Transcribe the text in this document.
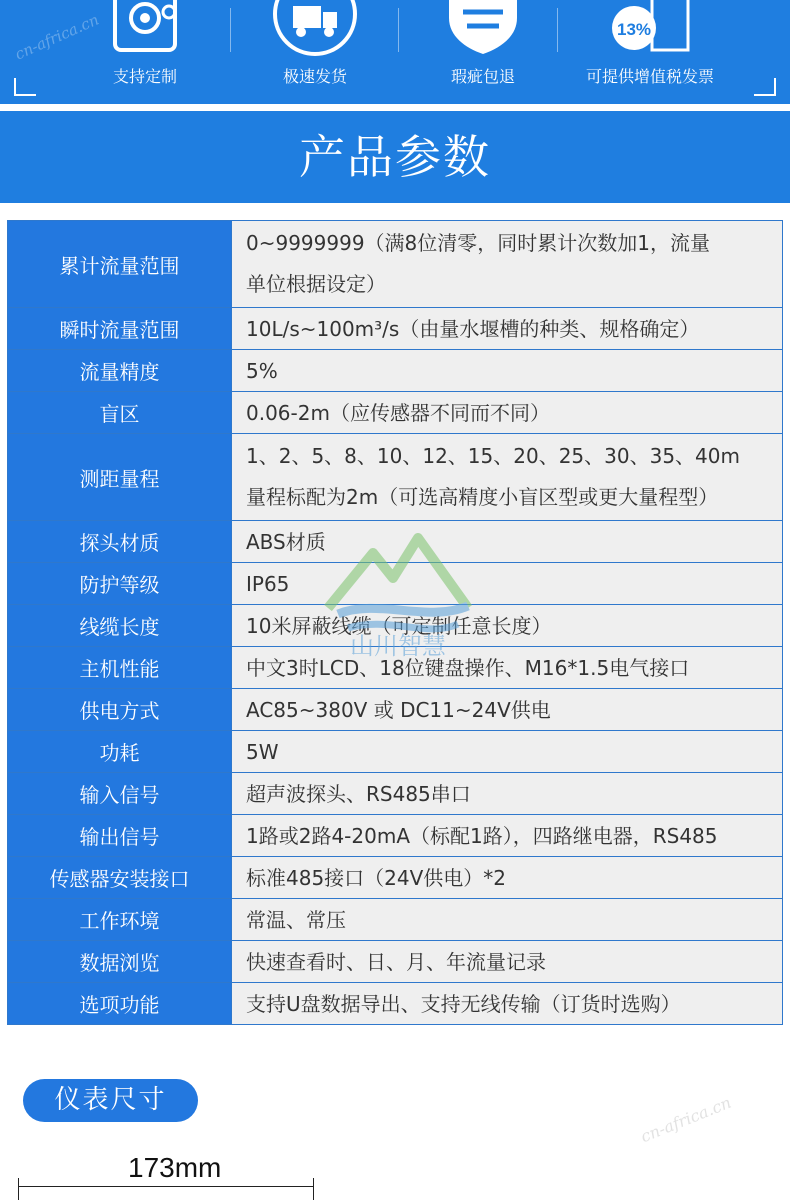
cn-africa.cn
支持定制	极速发货	瑕疵包退
13%
可提供增值税发票
产品参数
累计流量范围	0~9999999（满8位清零，同时累计次数加1，流量
单位根据设定）

瞬时流量范围	10L/s~100m³/s（由量水堰槽的种类、规格确定）

流量精度	5%

盲区	0.06-2m（应传感器不同而不同）

测距量程	1、2、5、8、10、12、15、20、25、30、35、40m
量程标配为2m（可选高精度小盲区型或更大量程型）

探头材质	ABS材质

防护等级	IP65

线缆长度	10米屏蔽线缆（可定制任意长度）

主机性能	中文3时LCD、18位键盘操作、M16*1.5电气接口

供电方式	AC85~380V 或 DC11~24V供电

功耗	5W

输入信号	超声波探头、RS485串口

输出信号	1路或2路4-20mA（标配1路），四路继电器，RS485

传感器安装接口	标准485接口（24V供电）*2

工作环境	常温、常压

数据浏览	快速查看时、日、月、年流量记录

选项功能	支持U盘数据导出、支持无线传输（订货时选购）
山川智慧
仪表尺寸
173mm
cn-africa.cn
